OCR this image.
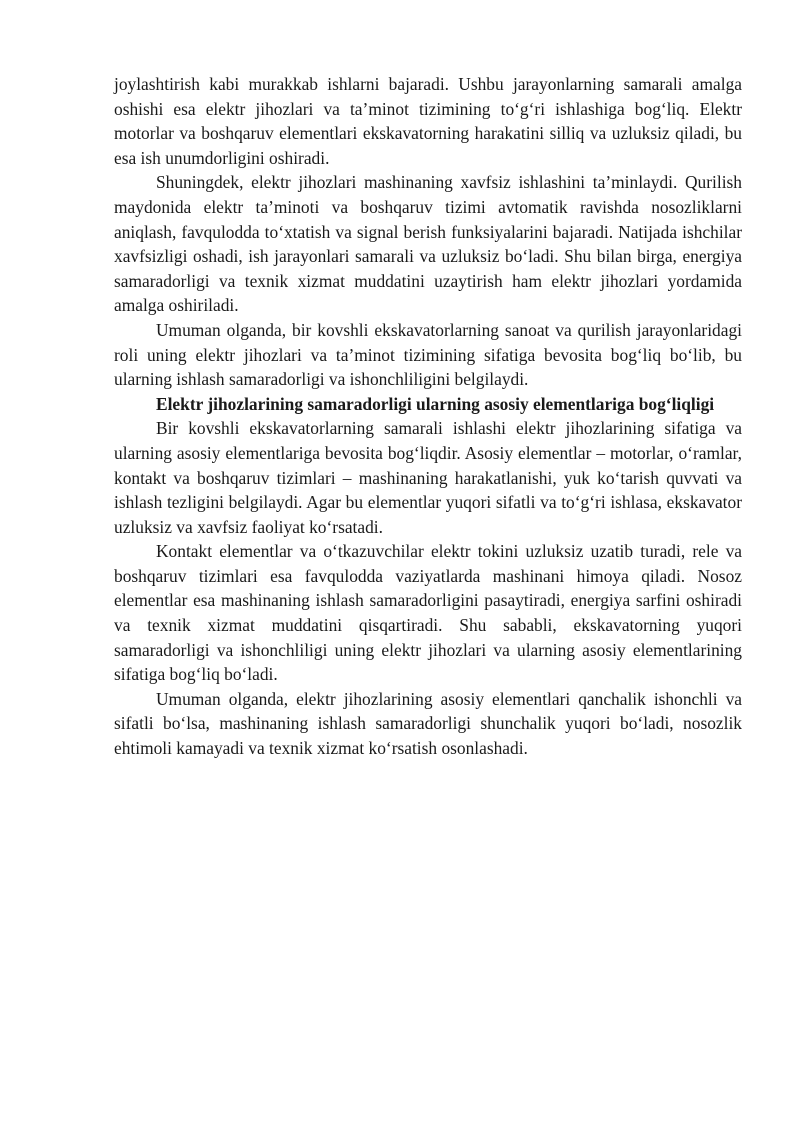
joylashtirish kabi murakkab ishlarni bajaradi. Ushbu jarayonlarning samarali amalga oshishi esa elektr jihozlari va ta’minot tizimining to‘g‘ri ishlashiga bog‘liq. Elektr motorlar va boshqaruv elementlari ekskavatorning harakatini silliq va uzluksiz qiladi, bu esa ish unumdorligini oshiradi.

Shuningdek, elektr jihozlari mashinaning xavfsiz ishlashini ta’minlaydi. Qurilish maydonida elektr ta’minoti va boshqaruv tizimi avtomatik ravishda nosozliklarni aniqlash, favqulodda to‘xtatish va signal berish funksiyalarini bajaradi. Natijada ishchilar xavfsizligi oshadi, ish jarayonlari samarali va uzluksiz bo‘ladi. Shu bilan birga, energiya samaradorligi va texnik xizmat muddatini uzaytirish ham elektr jihozlari yordamida amalga oshiriladi.

Umuman olganda, bir kovshli ekskavatorlarning sanoat va qurilish jarayonlaridagi roli uning elektr jihozlari va ta’minot tizimining sifatiga bevosita bog‘liq bo‘lib, bu ularning ishlash samaradorligi va ishonchliligini belgilaydi.

Elektr jihozlarining samaradorligi ularning asosiy elementlariga bog‘liqligi

Bir kovshli ekskavatorlarning samarali ishlashi elektr jihozlarining sifatiga va ularning asosiy elementlariga bevosita bog‘liqdir. Asosiy elementlar – motorlar, o‘ramlar, kontakt va boshqaruv tizimlari – mashinaning harakatlanishi, yuk ko‘tarish quvvati va ishlash tezligini belgilaydi. Agar bu elementlar yuqori sifatli va to‘g‘ri ishlasa, ekskavator uzluksiz va xavfsiz faoliyat ko‘rsatadi.

Kontakt elementlar va o‘tkazuvchilar elektr tokini uzluksiz uzatib turadi, rele va boshqaruv tizimlari esa favqulodda vaziyatlarda mashinani himoya qiladi. Nosoz elementlar esa mashinaning ishlash samaradorligini pasaytiradi, energiya sarfini oshiradi va texnik xizmat muddatini qisqartiradi. Shu sababli, ekskavatorning yuqori samaradorligi va ishonchliligi uning elektr jihozlari va ularning asosiy elementlarining sifatiga bog‘liq bo‘ladi.

Umuman olganda, elektr jihozlarining asosiy elementlari qanchalik ishonchli va sifatli bo‘lsa, mashinaning ishlash samaradorligi shunchalik yuqori bo‘ladi, nosozlik ehtimoli kamayadi va texnik xizmat ko‘rsatish osonlashadi.
